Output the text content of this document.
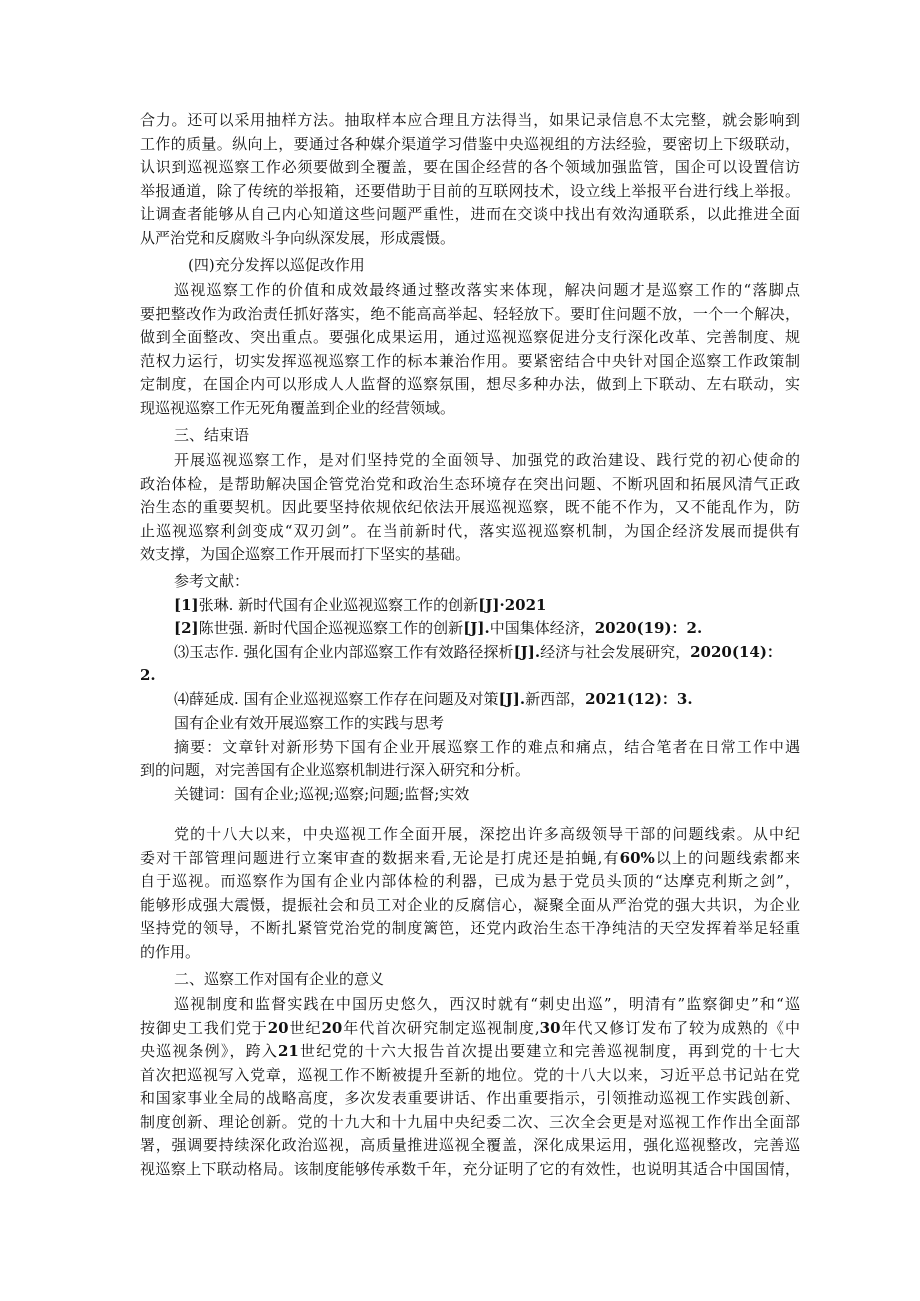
合力。还可以采用抽样方法。抽取样本应合理且方法得当，如果记录信息不太完整，就会影响到
工作的质量。纵向上，要通过各种媒介渠道学习借鉴中央巡视组的方法经验，要密切上下级联动，
认识到巡视巡察工作必须要做到全覆盖，要在国企经营的各个领域加强监管，国企可以设置信访
举报通道，除了传统的举报箱，还要借助于目前的互联网技术，设立线上举报平台进行线上举报。
让调查者能够从自己内心知道这些问题严重性，进而在交谈中找出有效沟通联系，以此推进全面
从严治党和反腐败斗争向纵深发展，形成震慑。
(四)充分发挥以巡促改作用
巡视巡察工作的价值和成效最终通过整改落实来体现，解决问题才是巡察工作的“落脚点
要把整改作为政治责任抓好落实，绝不能高高举起、轻轻放下。要盯住问题不放，一个一个解决，
做到全面整改、突出重点。要强化成果运用，通过巡视巡察促进分支行深化改革、完善制度、规
范权力运行，切实发挥巡视巡察工作的标本兼治作用。要紧密结合中央针对国企巡察工作政策制
定制度，在国企内可以形成人人监督的巡察氛围，想尽多种办法，做到上下联动、左右联动，实
现巡视巡察工作无死角覆盖到企业的经营领域。
三、结束语
开展巡视巡察工作，是对们坚持党的全面领导、加强党的政治建设、践行党的初心使命的
政治体检，是帮助解决国企管党治党和政治生态环境存在突出问题、不断巩固和拓展风清气正政
治生态的重要契机。因此要坚持依规依纪依法开展巡视巡察，既不能不作为，又不能乱作为，防
止巡视巡察利剑变成“双刃剑”。在当前新时代，落实巡视巡察机制，为国企经济发展而提供有
效支撑，为国企巡察工作开展而打下坚实的基础。
参考文献：
[1]张琳. 新时代国有企业巡视巡察工作的创新[J]·2021
[2]陈世强. 新时代国企巡视巡察工作的创新[J].中国集体经济，2020(19)：2.
⑶玉志作. 强化国有企业内部巡察工作有效路径探析[J].经济与社会发展研究，2020(14)：
2.
⑷薛延成. 国有企业巡视巡察工作存在问题及对策[J].新西部，2021(12)：3.
国有企业有效开展巡察工作的实践与思考
摘要：文章针对新形势下国有企业开展巡察工作的难点和痛点，结合笔者在日常工作中遇
到的问题，对完善国有企业巡察机制进行深入研究和分析。
关键词：国有企业;巡视;巡察;问题;监督;实效
党的十八大以来，中央巡视工作全面开展，深挖出许多高级领导干部的问题线索。从中纪
委对干部管理问题进行立案审查的数据来看,无论是打虎还是拍蝇,有60%以上的问题线索都来
自于巡视。而巡察作为国有企业内部体检的利器，已成为悬于党员头顶的“达摩克利斯之剑”，
能够形成强大震慑，提振社会和员工对企业的反腐信心，凝聚全面从严治党的强大共识，为企业
坚持党的领导，不断扎紧管党治党的制度篱笆，还党内政治生态干净纯洁的天空发挥着举足轻重
的作用。
二、巡察工作对国有企业的意义
巡视制度和监督实践在中国历史悠久，西汉时就有“刺史出巡”，明清有”监察御史”和“巡
按御史工我们党于20世纪20年代首次研究制定巡视制度,30年代又修订发布了较为成熟的《中
央巡视条例》，跨入21世纪党的十六大报告首次提出要建立和完善巡视制度，再到党的十七大
首次把巡视写入党章，巡视工作不断被提升至新的地位。党的十八大以来，习近平总书记站在党
和国家事业全局的战略高度，多次发表重要讲话、作出重要指示，引领推动巡视工作实践创新、
制度创新、理论创新。党的十九大和十九届中央纪委二次、三次全会更是对巡视工作作出全面部
署，强调要持续深化政治巡视，高质量推进巡视全覆盖，深化成果运用，强化巡视整改，完善巡
视巡察上下联动格局。该制度能够传承数千年，充分证明了它的有效性，也说明其适合中国国情，
